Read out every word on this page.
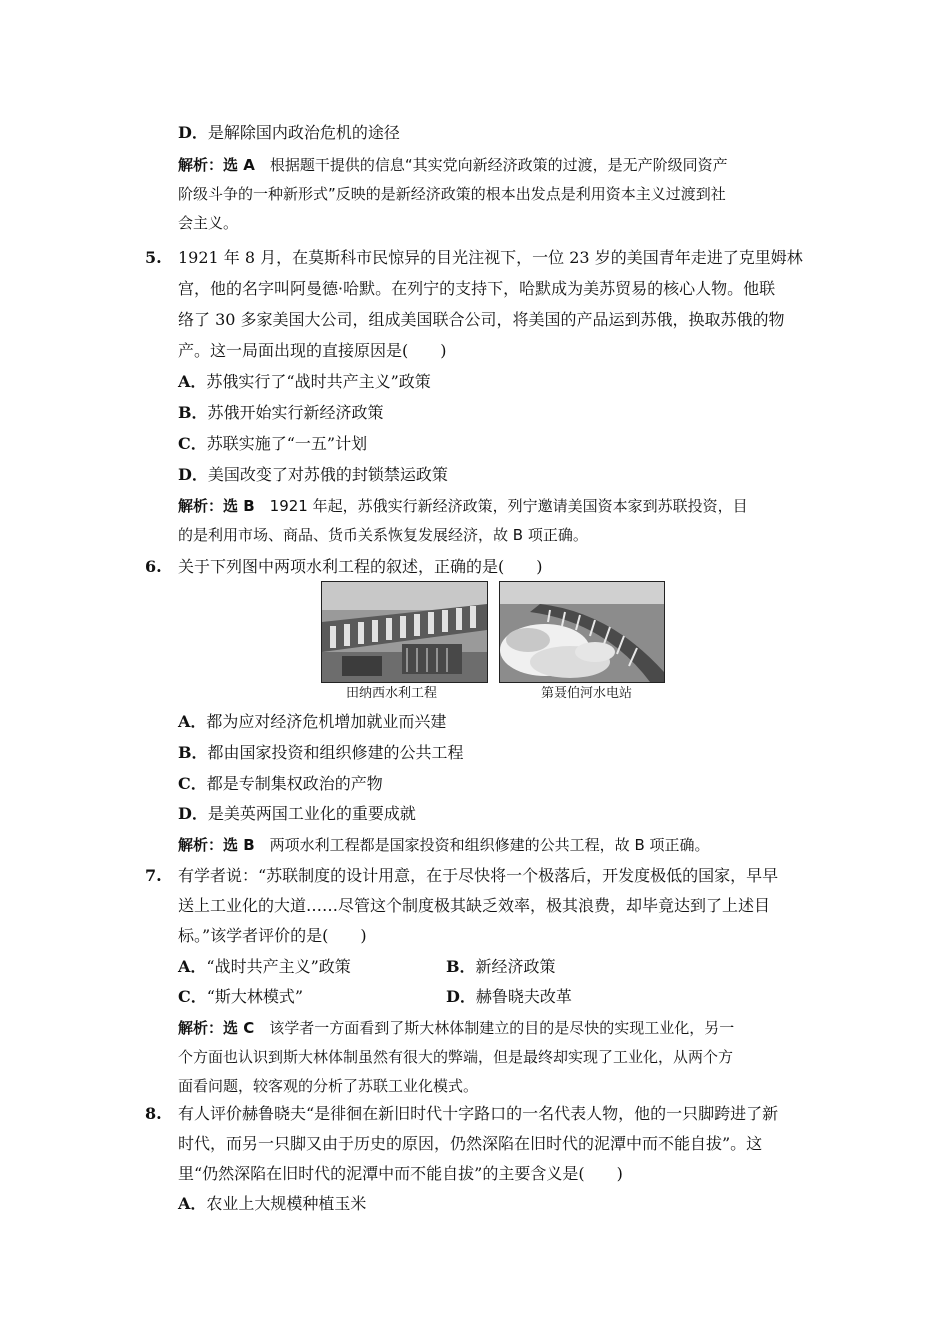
D．是解除国内政治危机的途径
解析：选 A　 根据题干提供的信息“其实党向新经济政策的过渡，是无产阶级同资产
阶级斗争的一种新形式”反映的是新经济政策的根本出发点是利用资本主义过渡到社
会主义。
5. 1921 年 8 月，在莫斯科市民惊异的目光注视下，一位 23 岁的美国青年走进了克里姆林
宫，他的名字叫阿曼德·哈默。在列宁的支持下，哈默成为美苏贸易的核心人物。他联
络了 30 多家美国大公司，组成美国联合公司，将美国的产品运到苏俄，换取苏俄的物
产。这一局面出现的直接原因是(　　)
A．苏俄实行了“战时共产主义”政策
B．苏俄开始实行新经济政策
C．苏联实施了“一五”计划
D．美国改变了对苏俄的封锁禁运政策
解析：选 B　 1921 年起，苏俄实行新经济政策，列宁邀请美国资本家到苏联投资，目
的是利用市场、商品、货币关系恢复发展经济，故 B 项正确。
6. 关于下列图中两项水利工程的叙述，正确的是(　　)
田纳西水利工程	第聂伯河水电站
A．都为应对经济危机增加就业而兴建
B．都由国家投资和组织修建的公共工程
C．都是专制集权政治的产物
D．是美英两国工业化的重要成就
解析：选 B　 两项水利工程都是国家投资和组织修建的公共工程，故 B 项正确。
7. 有学者说：“苏联制度的设计用意，在于尽快将一个极落后，开发度极低的国家，早早
送上工业化的大道……尽管这个制度极其缺乏效率，极其浪费，却毕竟达到了上述目
标。”该学者评价的是(　　)
A．“战时共产主义”政策	B．新经济政策
C．“斯大林模式”	D．赫鲁晓夫改革
解析：选 C　 该学者一方面看到了斯大林体制建立的目的是尽快的实现工业化，另一
个方面也认识到斯大林体制虽然有很大的弊端，但是最终却实现了工业化，从两个方
面看问题，较客观的分析了苏联工业化模式。
8. 有人评价赫鲁晓夫“是徘徊在新旧时代十字路口的一名代表人物，他的一只脚跨进了新
时代，而另一只脚又由于历史的原因，仍然深陷在旧时代的泥潭中而不能自拔”。这
里“仍然深陷在旧时代的泥潭中而不能自拔”的主要含义是(　　)
A．农业上大规模种植玉米
